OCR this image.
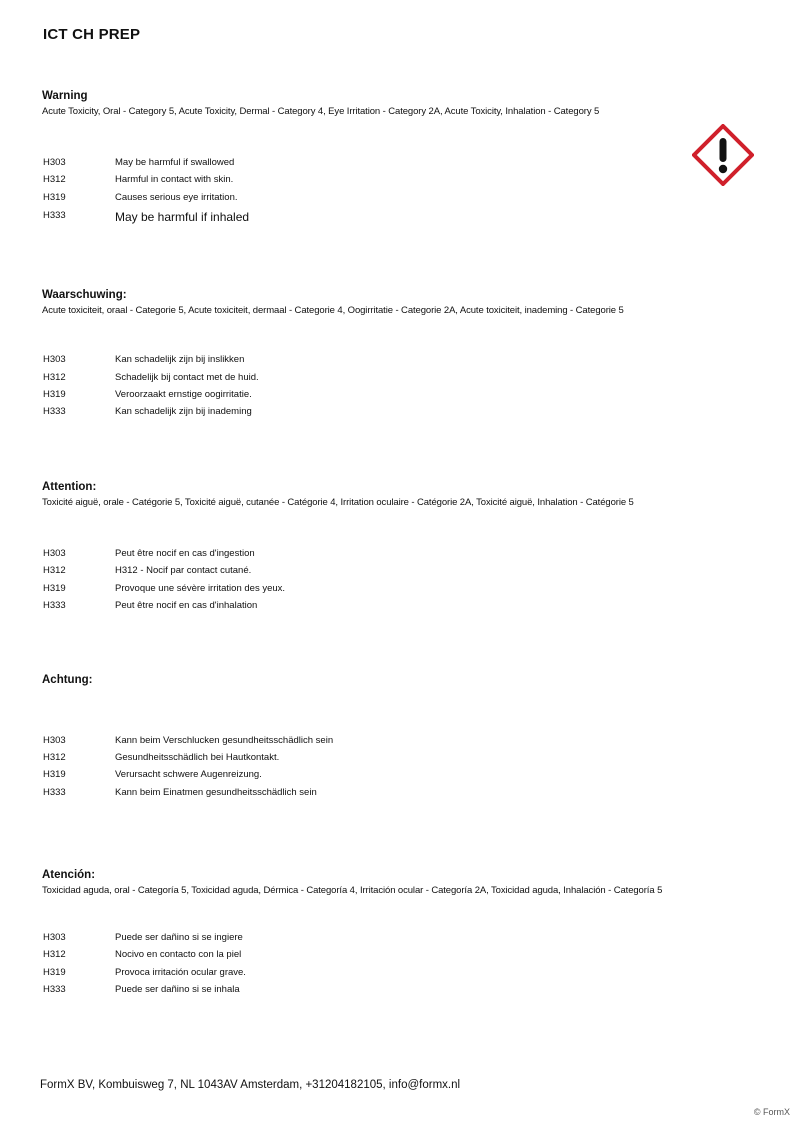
ICT CH PREP
Warning
Acute Toxicity, Oral - Category 5, Acute Toxicity, Dermal - Category 4, Eye Irritation - Category 2A, Acute Toxicity, Inhalation - Category 5
H303	May be harmful if swallowed
H312	Harmful in contact with skin.
H319	Causes serious eye irritation.
H333	May be harmful if inhaled
Waarschuwing:
Acute toxiciteit, oraal - Categorie 5, Acute toxiciteit, dermaal - Categorie 4, Oogirritatie - Categorie 2A, Acute toxiciteit, inademing - Categorie 5
H303	Kan schadelijk zijn bij inslikken
H312	Schadelijk bij contact met de huid.
H319	Veroorzaakt ernstige oogirritatie.
H333	Kan schadelijk zijn bij inademing
Attention:
Toxicité aiguë, orale - Catégorie 5, Toxicité aiguë, cutanée - Catégorie 4, Irritation oculaire - Catégorie 2A, Toxicité aiguë, Inhalation - Catégorie 5
H303	Peut être nocif en cas d'ingestion
H312	H312 - Nocif par contact cutané.
H319	Provoque une sévère irritation des yeux.
H333	Peut être nocif en cas d'inhalation
Achtung:
H303	Kann beim Verschlucken gesundheitsschädlich sein
H312	Gesundheitsschädlich bei Hautkontakt.
H319	Verursacht schwere Augenreizung.
H333	Kann beim Einatmen gesundheitsschädlich sein
Atención:
Toxicidad aguda, oral - Categoría 5, Toxicidad aguda, Dérmica - Categoría 4, Irritación ocular - Categoría 2A, Toxicidad aguda, Inhalación - Categoría 5
H303	Puede ser dañino si se ingiere
H312	Nocivo en contacto con la piel
H319	Provoca irritación ocular grave.
H333	Puede ser dañino si se inhala
FormX BV, Kombuisweg 7, NL 1043AV Amsterdam, +31204182105, info@formx.nl
© FormX
